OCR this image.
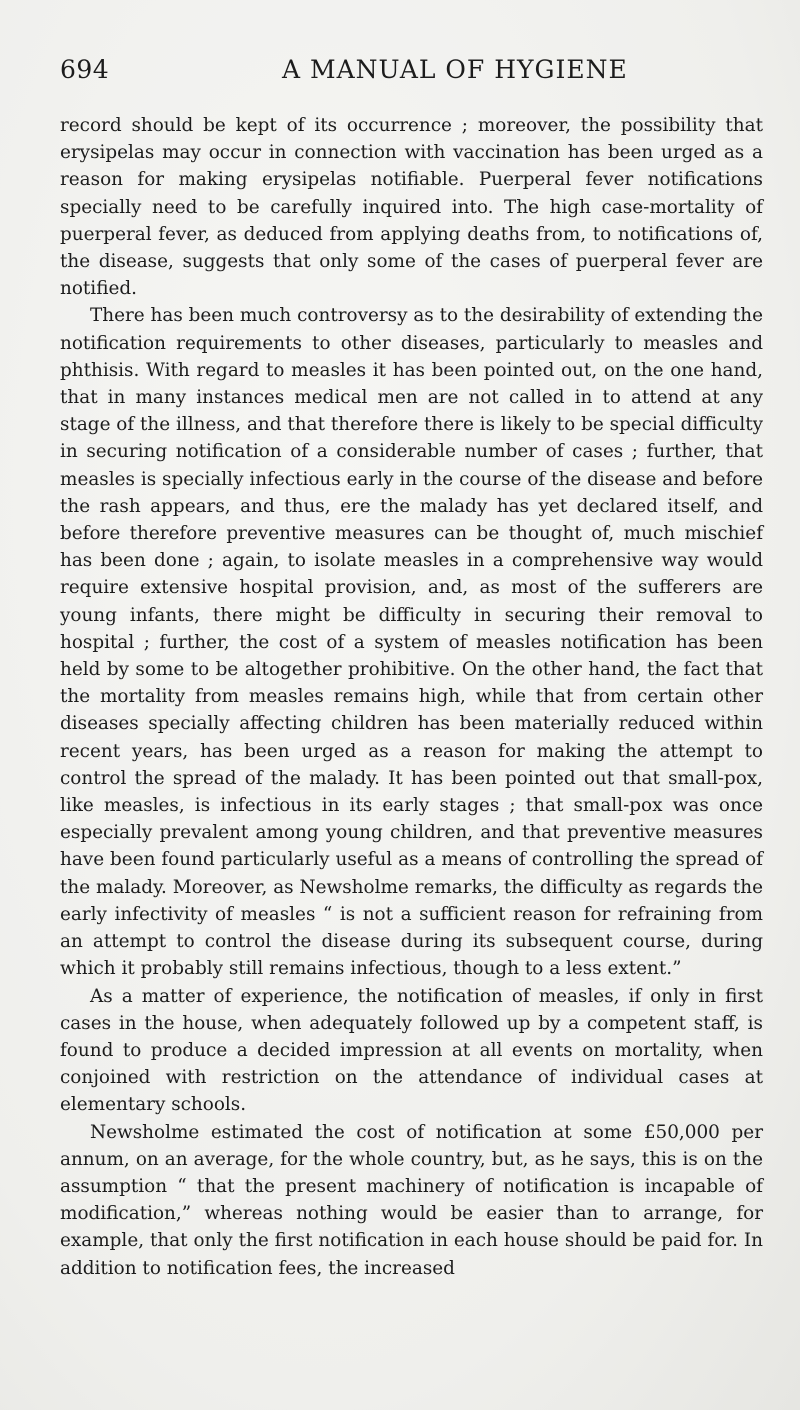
694	A MANUAL OF HYGIENE

record should be kept of its occurrence ; moreover, the possibility that erysipelas may occur in connection with vaccination has been urged as a reason for making erysipelas notifiable. Puerperal fever notifications specially need to be carefully inquired into. The high case-mortality of puerperal fever, as deduced from applying deaths from, to notifications of, the disease, suggests that only some of the cases of puerperal fever are notified.

There has been much controversy as to the desirability of extending the notification requirements to other diseases, particularly to measles and phthisis. With regard to measles it has been pointed out, on the one hand, that in many instances medical men are not called in to attend at any stage of the illness, and that therefore there is likely to be special difficulty in securing notification of a considerable number of cases ; further, that measles is specially infectious early in the course of the disease and before the rash appears, and thus, ere the malady has yet declared itself, and before therefore preventive measures can be thought of, much mischief has been done ; again, to isolate measles in a comprehensive way would require extensive hospital provision, and, as most of the sufferers are young infants, there might be difficulty in securing their removal to hospital ; further, the cost of a system of measles notification has been held by some to be altogether prohibitive. On the other hand, the fact that the mortality from measles remains high, while that from certain other diseases specially affecting children has been materially reduced within recent years, has been urged as a reason for making the attempt to control the spread of the malady. It has been pointed out that small-pox, like measles, is infectious in its early stages ; that small-pox was once especially prevalent among young children, and that preventive measures have been found particularly useful as a means of controlling the spread of the malady. Moreover, as Newsholme remarks, the difficulty as regards the early infectivity of measles “ is not a sufficient reason for refraining from an attempt to control the disease during its subsequent course, during which it probably still remains infectious, though to a less extent.”

As a matter of experience, the notification of measles, if only in first cases in the house, when adequately followed up by a competent staff, is found to produce a decided impression at all events on mortality, when conjoined with restriction on the attendance of individual cases at elementary schools.

Newsholme estimated the cost of notification at some £50,000 per annum, on an average, for the whole country, but, as he says, this is on the assumption “ that the present machinery of notification is incapable of modification,” whereas nothing would be easier than to arrange, for example, that only the first notification in each house should be paid for. In addition to notification fees, the increased
